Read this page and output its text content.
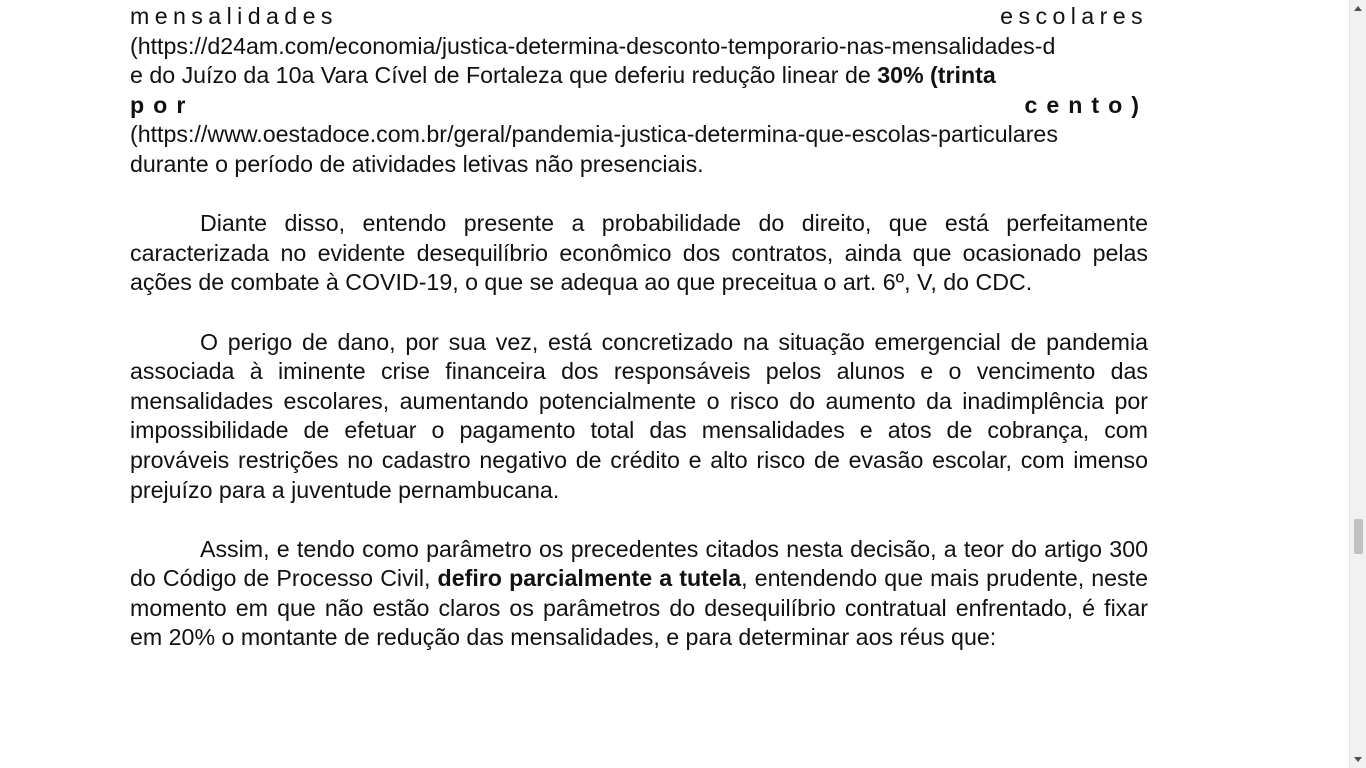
mensalidades	escolares
(https://d24am.com/economia/justica-determina-desconto-temporario-nas-mensalidades-d
e do Juízo da 10a Vara Cível de Fortaleza que deferiu redução linear de 30% (trinta
por	cento)
(https://www.oestadoce.com.br/geral/pandemia-justica-determina-que-escolas-particulares
durante o período de atividades letivas não presenciais.

Diante disso, entendo presente a probabilidade do direito, que está perfeitamente caracterizada no evidente desequilíbrio econômico dos contratos, ainda que ocasionado pelas ações de combate à COVID-19, o que se adequa ao que preceitua o art. 6º, V, do CDC.

O perigo de dano, por sua vez, está concretizado na situação emergencial de pandemia associada à iminente crise financeira dos responsáveis pelos alunos e o vencimento das mensalidades escolares, aumentando potencialmente o risco do aumento da inadimplência por impossibilidade de efetuar o pagamento total das mensalidades e atos de cobrança, com prováveis restrições no cadastro negativo de crédito e alto risco de evasão escolar, com imenso prejuízo para a juventude pernambucana.

Assim, e tendo como parâmetro os precedentes citados nesta decisão, a teor do artigo 300 do Código de Processo Civil, defiro parcialmente a tutela, entendendo que mais prudente, neste momento em que não estão claros os parâmetros do desequilíbrio contratual enfrentado, é fixar em 20% o montante de redução das mensalidades, e para determinar aos réus que:
